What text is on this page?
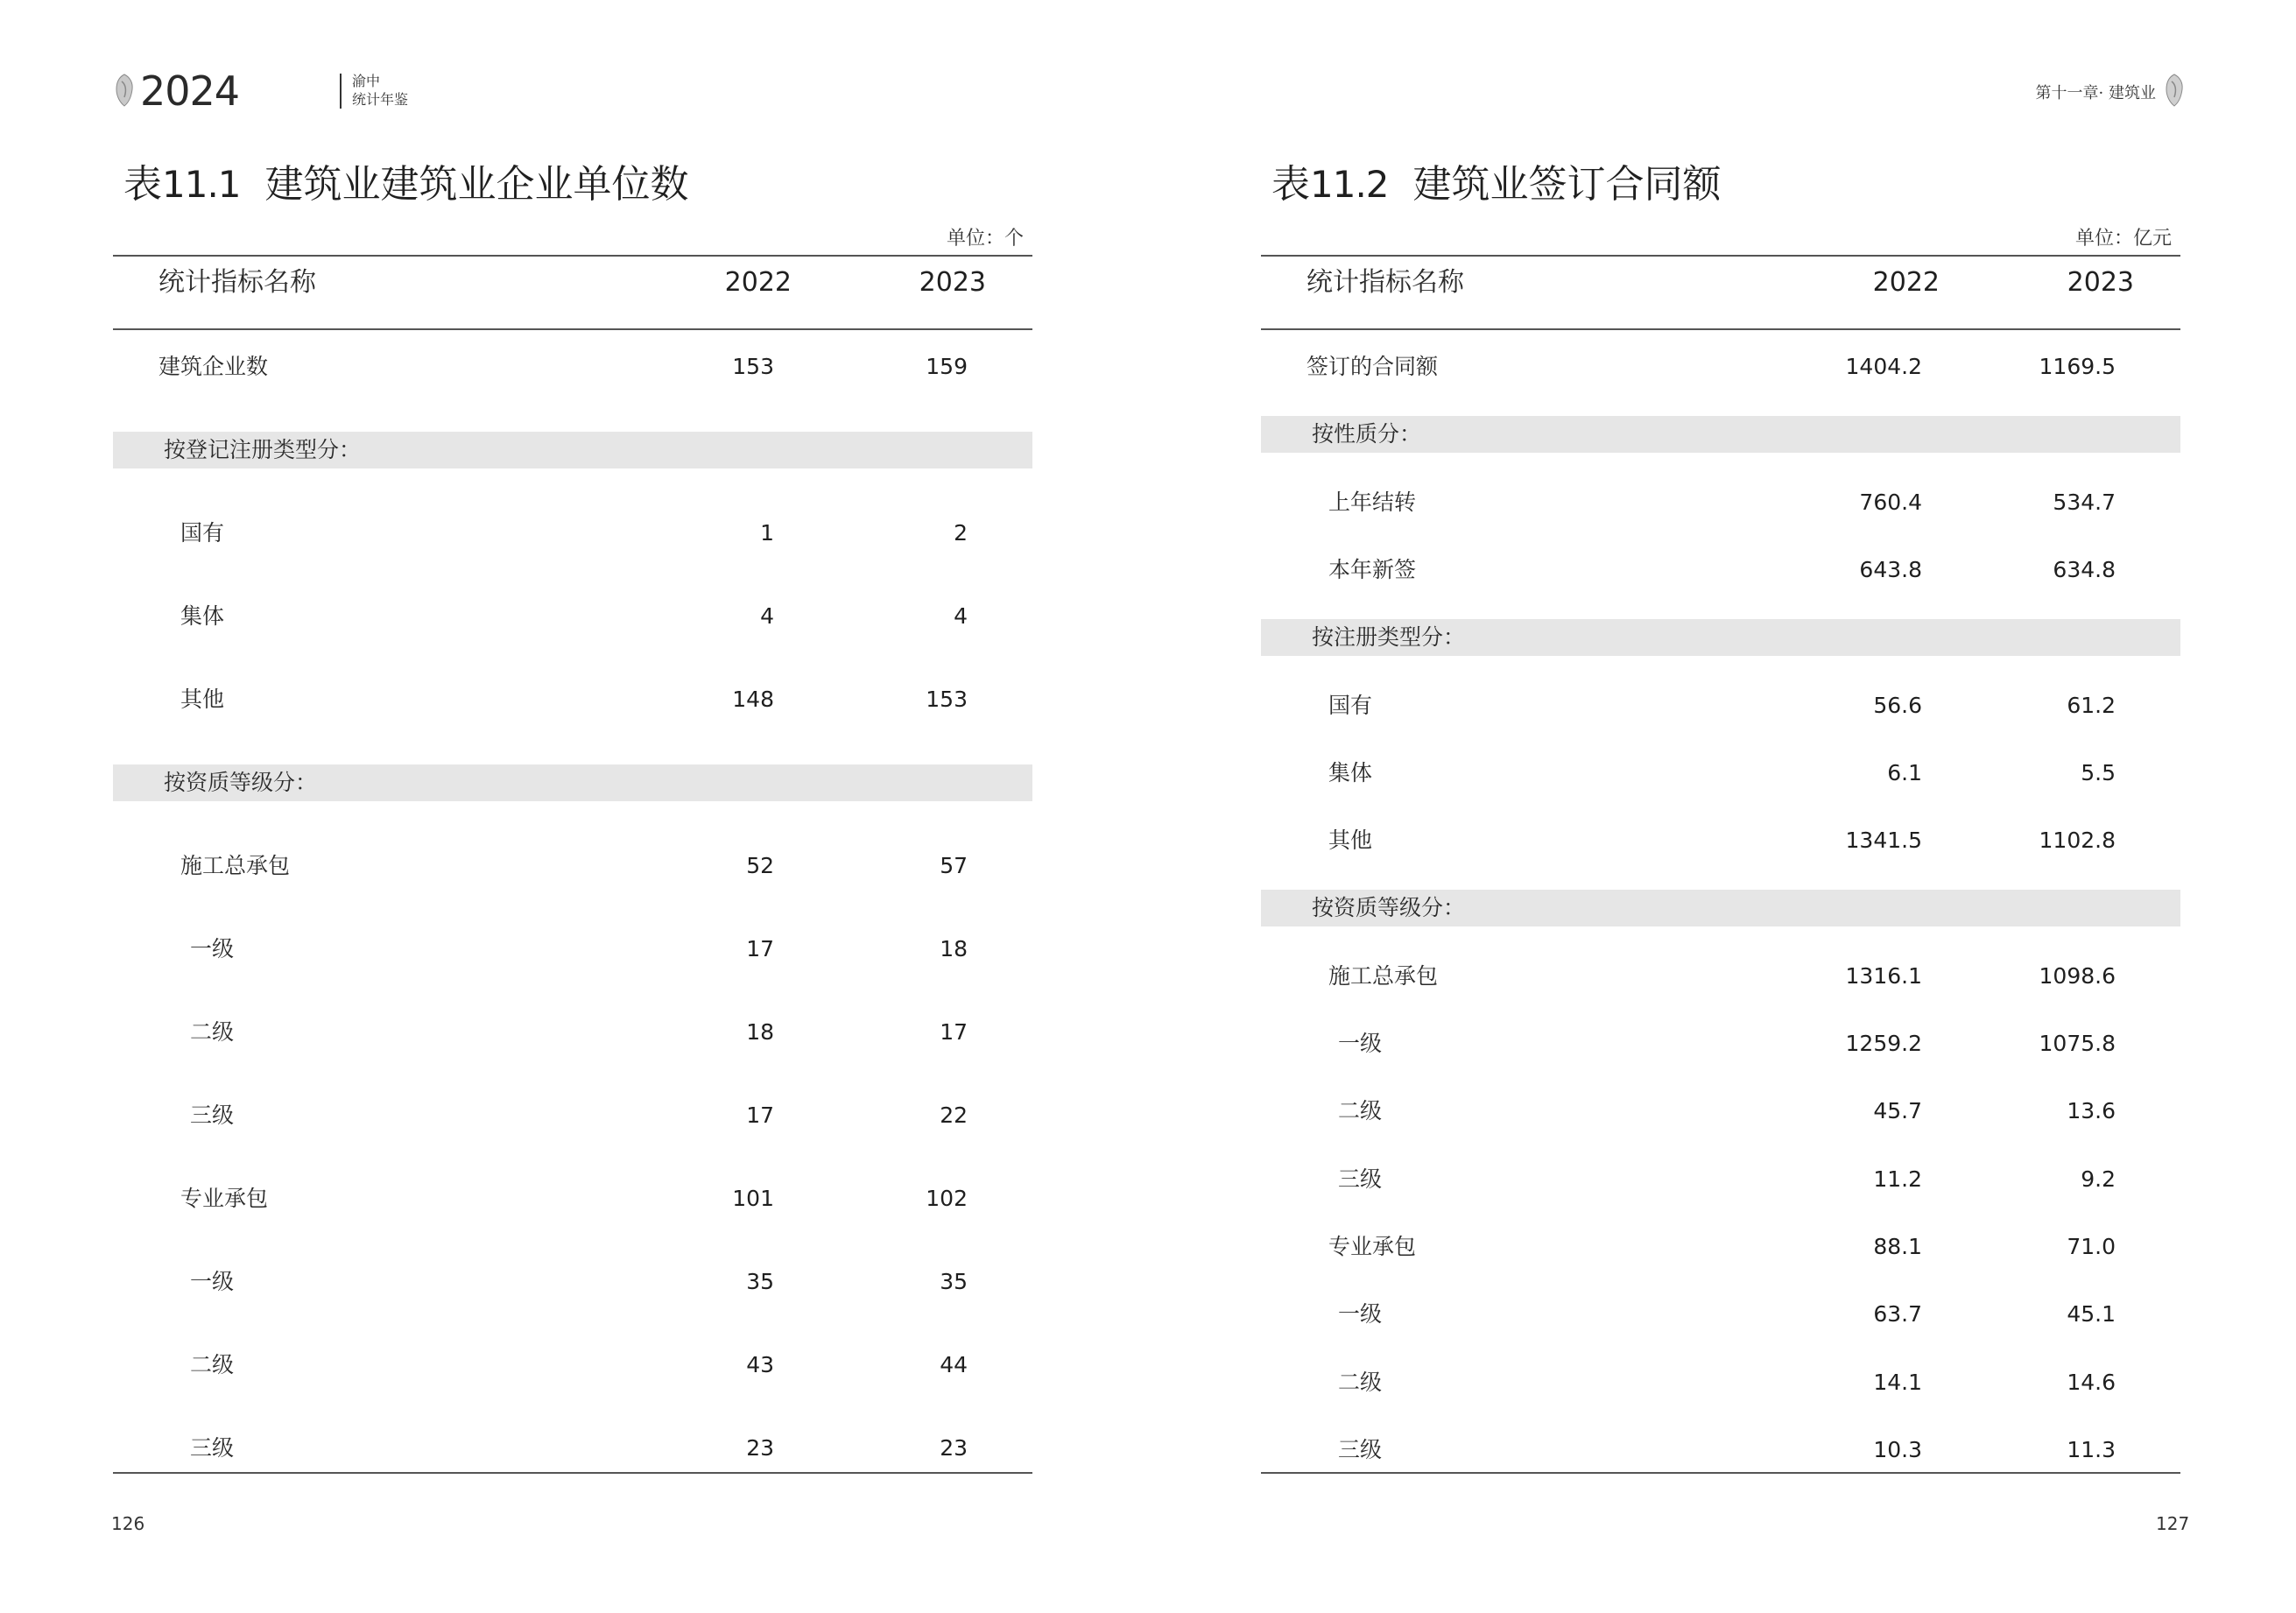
2024	渝中
统计年鉴	第十一章· 建筑业
表11.1 建筑业建筑业企业单位数
单位：个
统计指标名称	2022	2023
建筑企业数	153	159
按登记注册类型分：
国有	1	2
集体	4	4
其他	148	153
按资质等级分：
施工总承包	52	57
一级	17	18
二级	18	17
三级	17	22
专业承包	101	102
一级	35	35
二级	43	44
三级	23	23
表11.2 建筑业签订合同额
单位：亿元
统计指标名称	2022	2023
签订的合同额	1404.2	1169.5
按性质分：
上年结转	760.4	534.7
本年新签	643.8	634.8
按注册类型分：
国有	56.6	61.2
集体	6.1	5.5
其他	1341.5	1102.8
按资质等级分：
施工总承包	1316.1	1098.6
一级	1259.2	1075.8
二级	45.7	13.6
三级	11.2	9.2
专业承包	88.1	71.0
一级	63.7	45.1
二级	14.1	14.6
三级	10.3	11.3
126	127
